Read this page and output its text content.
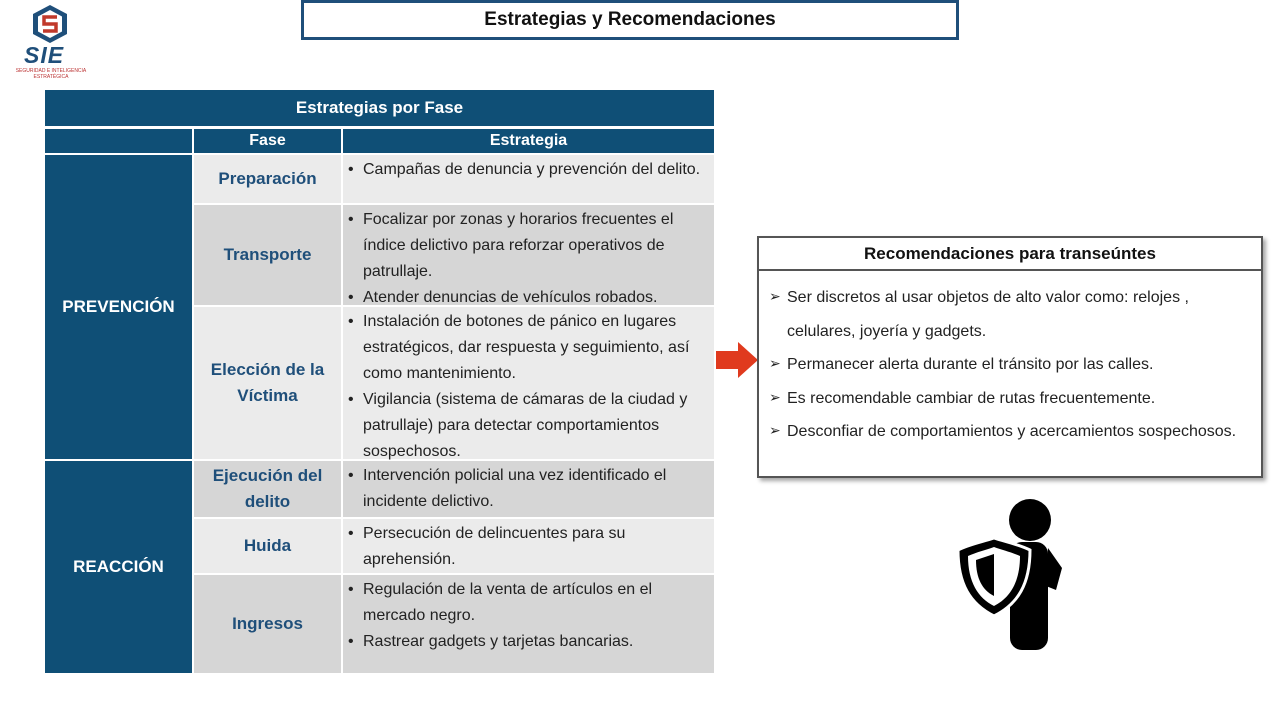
SIE
SEGURIDAD E INTELIGENCIA ESTRATÉGICA
Estrategias y Recomendaciones
Estrategias por Fase
Fase	Estrategia
PREVENCIÓN
Preparación
•	Campañas de denuncia y prevención del delito.
Transporte
• Focalizar por zonas y horarios frecuentes el índice delictivo para reforzar operativos de patrullaje.
• Atender denuncias de vehículos robados.
Elección de la Víctima
• Instalación de botones de pánico en lugares estratégicos, dar respuesta y seguimiento, así como mantenimiento.
• Vigilancia (sistema de cámaras de la ciudad y patrullaje) para detectar comportamientos sospechosos.
REACCIÓN
Ejecución del delito
• Intervención policial una vez identificado el incidente delictivo.
Huida
• Persecución de delincuentes para su aprehensión.
Ingresos
• Regulación de la venta de artículos en el mercado negro.
• Rastrear gadgets y tarjetas bancarias.
Recomendaciones para transeúntes
➢ Ser discretos al usar objetos de alto valor como: relojes , celulares, joyería y gadgets.
➢ Permanecer alerta durante el tránsito por las calles.
➢ Es recomendable cambiar de rutas frecuentemente.
➢ Desconfiar de comportamientos y acercamientos sospechosos.
